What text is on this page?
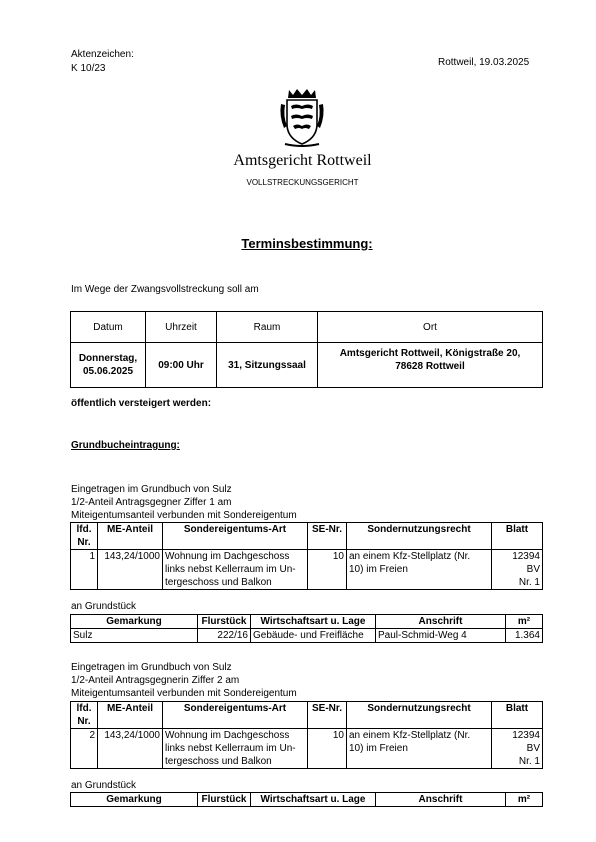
Aktenzeichen:
K 10/23
Rottweil, 19.03.2025
Amtsgericht Rottweil
VOLLSTRECKUNGSGERICHT
Terminsbestimmung:
Im Wege der Zwangsvollstreckung soll am
Datum	Uhrzeit	Raum	Ort
Donnerstag,
05.06.2025	09:00 Uhr	31, Sitzungssaal	Amtsgericht Rottweil, Königstraße 20,
78628 Rottweil
öffentlich versteigert werden:
Grundbucheintragung:
Eingetragen im Grundbuch von Sulz
1/2-Anteil Antragsgegner Ziffer 1 am
Miteigentumsanteil verbunden mit Sondereigentum
lfd.
Nr.	ME-Anteil	Sondereigentums-Art	SE-Nr.	Sondernutzungsrecht	Blatt
1	143,24/1000	Wohnung im Dachgeschoss
links nebst Kellerraum im Un-
tergeschoss und Balkon	10	an einem Kfz-Stellplatz (Nr.
10) im Freien	12394
BV
Nr. 1
an Grundstück
Gemarkung	Flurstück	Wirtschaftsart u. Lage	Anschrift	m²
Sulz	222/16	Gebäude- und Freifläche	Paul-Schmid-Weg 4	1.364
Eingetragen im Grundbuch von Sulz
1/2-Anteil Antragsgegnerin Ziffer 2 am
Miteigentumsanteil verbunden mit Sondereigentum
lfd.
Nr.	ME-Anteil	Sondereigentums-Art	SE-Nr.	Sondernutzungsrecht	Blatt
2	143,24/1000	Wohnung im Dachgeschoss
links nebst Kellerraum im Un-
tergeschoss und Balkon	10	an einem Kfz-Stellplatz (Nr.
10) im Freien	12394
BV
Nr. 1
an Grundstück
Gemarkung	Flurstück	Wirtschaftsart u. Lage	Anschrift	m²
